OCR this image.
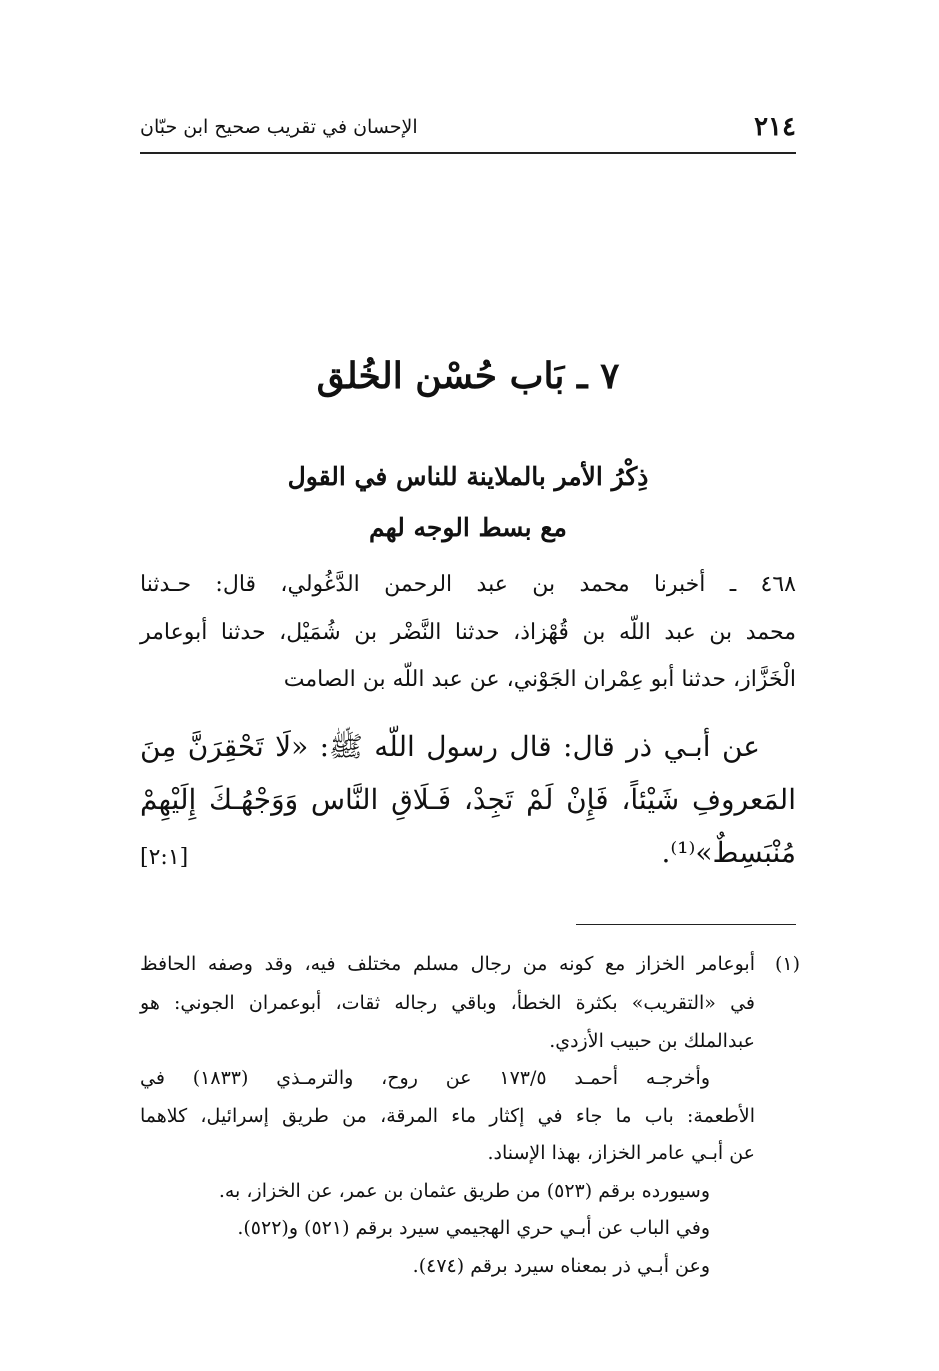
٢١٤
الإحسان في تقريب صحيح ابن حبّان
٧ ـ بَاب حُسْن الخُلق
ذِكْرُ الأمر بالملاينة للناس في القول
مع بسط الوجه لهم
٤٦٨ ـ أخبرنا محمد بن عبد الرحمن الدَّغُولي، قال: حـدثنا
محمد بن عبد اللّه بن قُهْزاذ، حدثنا النَّضْر بن شُمَيْل، حدثنا أبوعامر
الْخَزَّاز، حدثنا أبو عِمْران الجَوْني، عن عبد اللّه بن الصامت
عن أبـي ذر قال: قال رسول اللّه ﷺ: «لَا تَحْقِرَنَّ مِنَ
المَعروفِ شَيْئاً، فَإِنْ لَمْ تَجِدْ، فَـلَاقِ النَّاس وَوَجْهُـكَ إِلَيْهِمْ
مُنْبَسِطٌ»⁽¹⁾.
[٢:١]
(١)
أبوعامر الخزاز مع كونه من رجال مسلم مختلف فيه، وقد وصفه الحافظ
في «التقريب» بكثرة الخطأ، وباقي رجاله ثقات، أبوعمران الجوني: هو
عبدالملك بن حبيب الأزدي.
وأخرجـه أحمـد ١٧٣/٥ عن روح، والترمـذي (١٨٣٣) في
الأطعمة: باب ما جاء في إكثار ماء المرقة، من طريق إسرائيل، كلاهما
عن أبـي عامر الخزاز، بهذا الإسناد.
وسيورده برقم (٥٢٣) من طريق عثمان بن عمر، عن الخزاز، به.
وفي الباب عن أبـي حري الهجيمي سيرد برقم (٥٢١) و(٥٢٢).
وعن أبـي ذر بمعناه سيرد برقم (٤٧٤).
